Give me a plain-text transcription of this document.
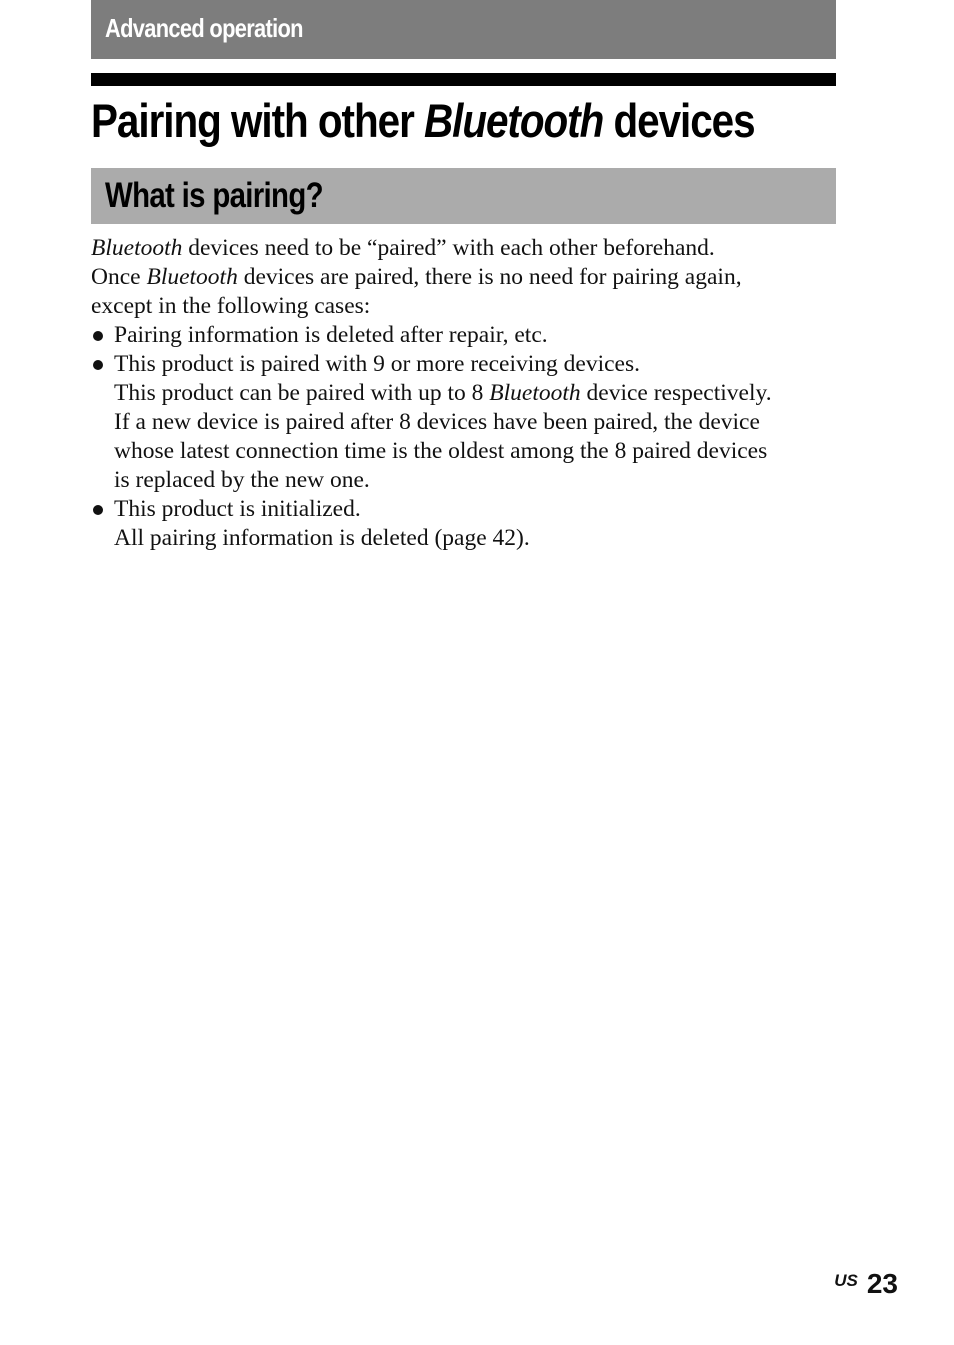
Advanced operation
Pairing with other Bluetooth devices
What is pairing?

Bluetooth devices need to be “paired” with each other beforehand.
Once Bluetooth devices are paired, there is no need for pairing again,
except in the following cases:

Pairing information is deleted after repair, etc.
This product is paired with 9 or more receiving devices.
This product can be paired with up to 8 Bluetooth device respectively.
If a new device is paired after 8 devices have been paired, the device
whose latest connection time is the oldest among the 8 paired devices
is replaced by the new one.
This product is initialized.
All pairing information is deleted (page 42).
US 23
